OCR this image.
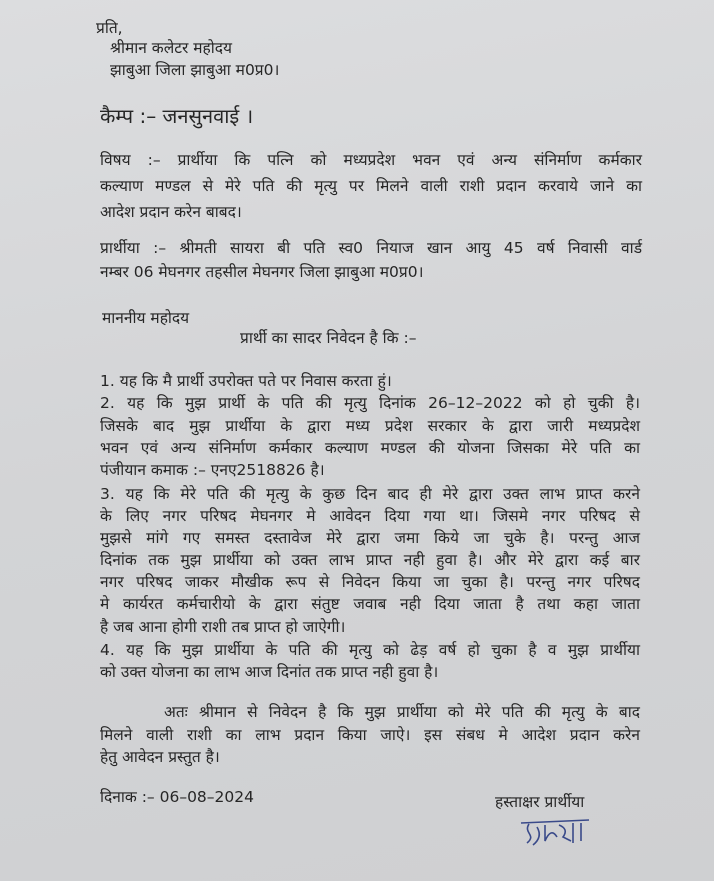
प्रति,
श्रीमान कलेटर महोदय
झाबुआ जिला झाबुआ म0प्र0।
कैम्प :– जनसुनवाई ।
विषय :– प्रार्थीया कि पत्नि को मध्यप्रदेश भवन एवं अन्य संनिर्माण कर्मकार
कल्याण मण्डल से मेरे पति की मृत्यु पर मिलने वाली राशी प्रदान करवाये जाने का
आदेश प्रदान करेन बाबद।
प्रार्थीया :– श्रीमती सायरा बी पति स्व0 नियाज खान आयु 45 वर्ष निवासी वार्ड
नम्बर 06 मेघनगर तहसील मेघनगर जिला झाबुआ म0प्र0।
माननीय महोदय
प्रार्थी का सादर निवेदन है कि :–
1. यह कि मै प्रार्थी उपरोक्त पते पर निवास करता हुं।
2. यह कि मुझ प्रार्थी के पति की मृत्यु दिनांक 26–12–2022 को हो चुकी है।
जिसके बाद मुझ प्रार्थीया के द्वारा मध्य प्रदेश सरकार के द्वारा जारी मध्यप्रदेश
भवन एवं अन्य संनिर्माण कर्मकार कल्याण मण्डल की योजना जिसका मेरे पति का
पंजीयान कमाक :– एनए2518826 है।
3. यह कि मेरे पति की मृत्यु के कुछ दिन बाद ही मेरे द्वारा उक्त लाभ प्राप्त करने
के लिए नगर परिषद मेघनगर मे आवेदन दिया गया था। जिसमे नगर परिषद से
मुझसे मांगे गए समस्त दस्तावेज मेरे द्वारा जमा किये जा चुके है। परन्तु आज
दिनांक तक मुझ प्रार्थीया को उक्त लाभ प्राप्त नही हुवा है। और मेरे द्वारा कई बार
नगर परिषद जाकर मौखीक रूप से निवेदन किया जा चुका है। परन्तु नगर परिषद
मे कार्यरत कर्मचारीयो के द्वारा संतुष्ट जवाब नही दिया जाता है तथा कहा जाता
है जब आना होगी राशी तब प्राप्त हो जाऐगी।
4. यह कि मुझ प्रार्थीया के पति की मृत्यु को ढेड़ वर्ष हो चुका है व मुझ प्रार्थीया
को उक्त योजना का लाभ आज दिनांत तक प्राप्त नही हुवा है।
अतः श्रीमान से निवेदन है कि मुझ प्रार्थीया को मेरे पति की मृत्यु के बाद
मिलने वाली राशी का लाभ प्रदान किया जाऐ। इस संबध मे आदेश प्रदान करेन
हेतु आवेदन प्रस्तुत है।
दिनाक :– 06–08–2024	हस्ताक्षर प्रार्थीया
